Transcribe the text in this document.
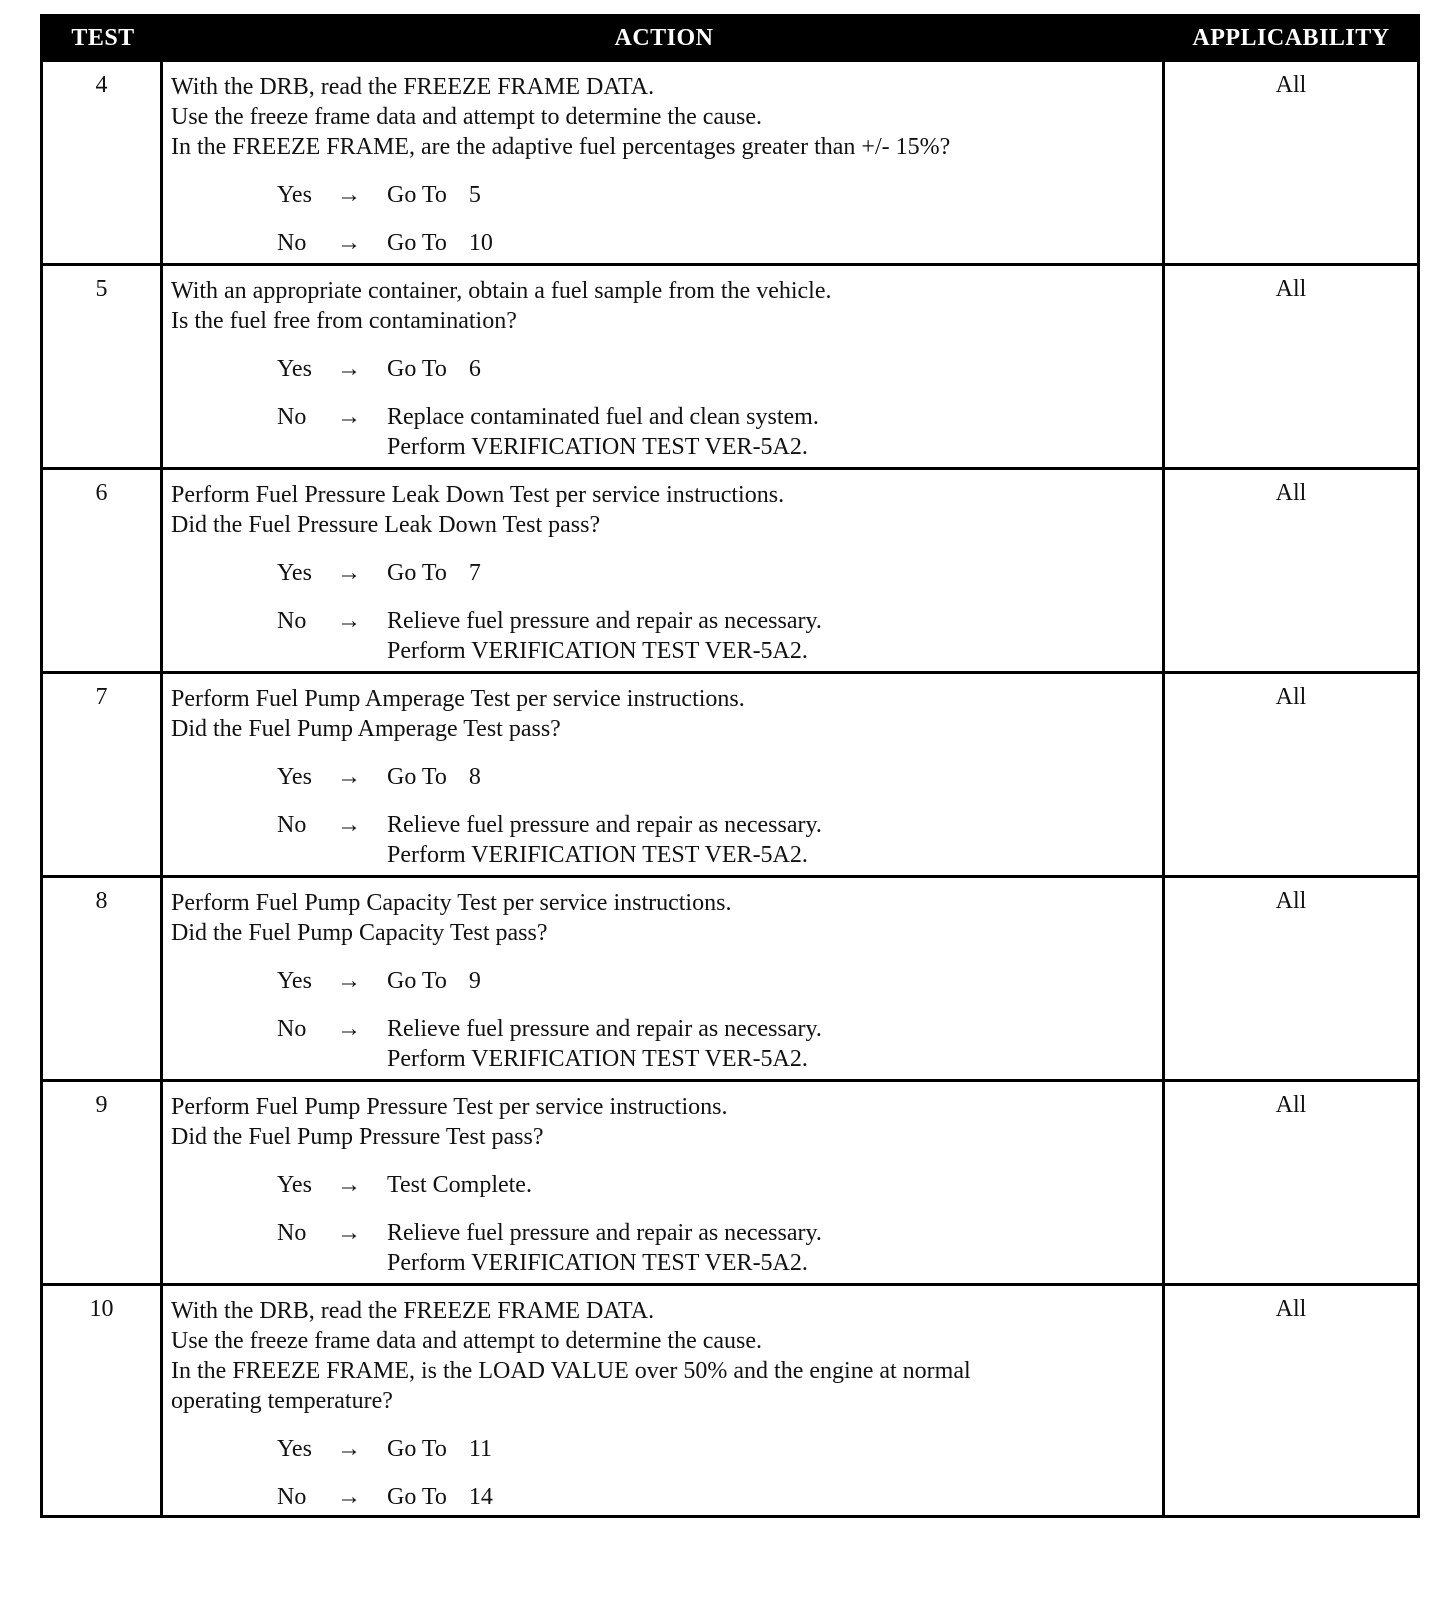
TEST	ACTION	APPLICABILITY
4	With the DRB, read the FREEZE FRAME DATA.
Use the freeze frame data and attempt to determine the cause.
In the FREEZE FRAME, are the adaptive fuel percentages greater than +/- 15%?
Yes	→	Go To 5
No	→	Go To 10
All
5	With an appropriate container, obtain a fuel sample from the vehicle.
Is the fuel free from contamination?
Yes	→	Go To 6
No	→	Replace contaminated fuel and clean system.
Perform VERIFICATION TEST VER-5A2.
All
6	Perform Fuel Pressure Leak Down Test per service instructions.
Did the Fuel Pressure Leak Down Test pass?
Yes	→	Go To 7
No	→	Relieve fuel pressure and repair as necessary.
Perform VERIFICATION TEST VER-5A2.
All
7	Perform Fuel Pump Amperage Test per service instructions.
Did the Fuel Pump Amperage Test pass?
Yes	→	Go To 8
No	→	Relieve fuel pressure and repair as necessary.
Perform VERIFICATION TEST VER-5A2.
All
8	Perform Fuel Pump Capacity Test per service instructions.
Did the Fuel Pump Capacity Test pass?
Yes	→	Go To 9
No	→	Relieve fuel pressure and repair as necessary.
Perform VERIFICATION TEST VER-5A2.
All
9	Perform Fuel Pump Pressure Test per service instructions.
Did the Fuel Pump Pressure Test pass?
Yes	→	Test Complete.
No	→	Relieve fuel pressure and repair as necessary.
Perform VERIFICATION TEST VER-5A2.
All
10	With the DRB, read the FREEZE FRAME DATA.
Use the freeze frame data and attempt to determine the cause.
In the FREEZE FRAME, is the LOAD VALUE over 50% and the engine at normal
operating temperature?
Yes	→	Go To 11
No	→	Go To 14
All
